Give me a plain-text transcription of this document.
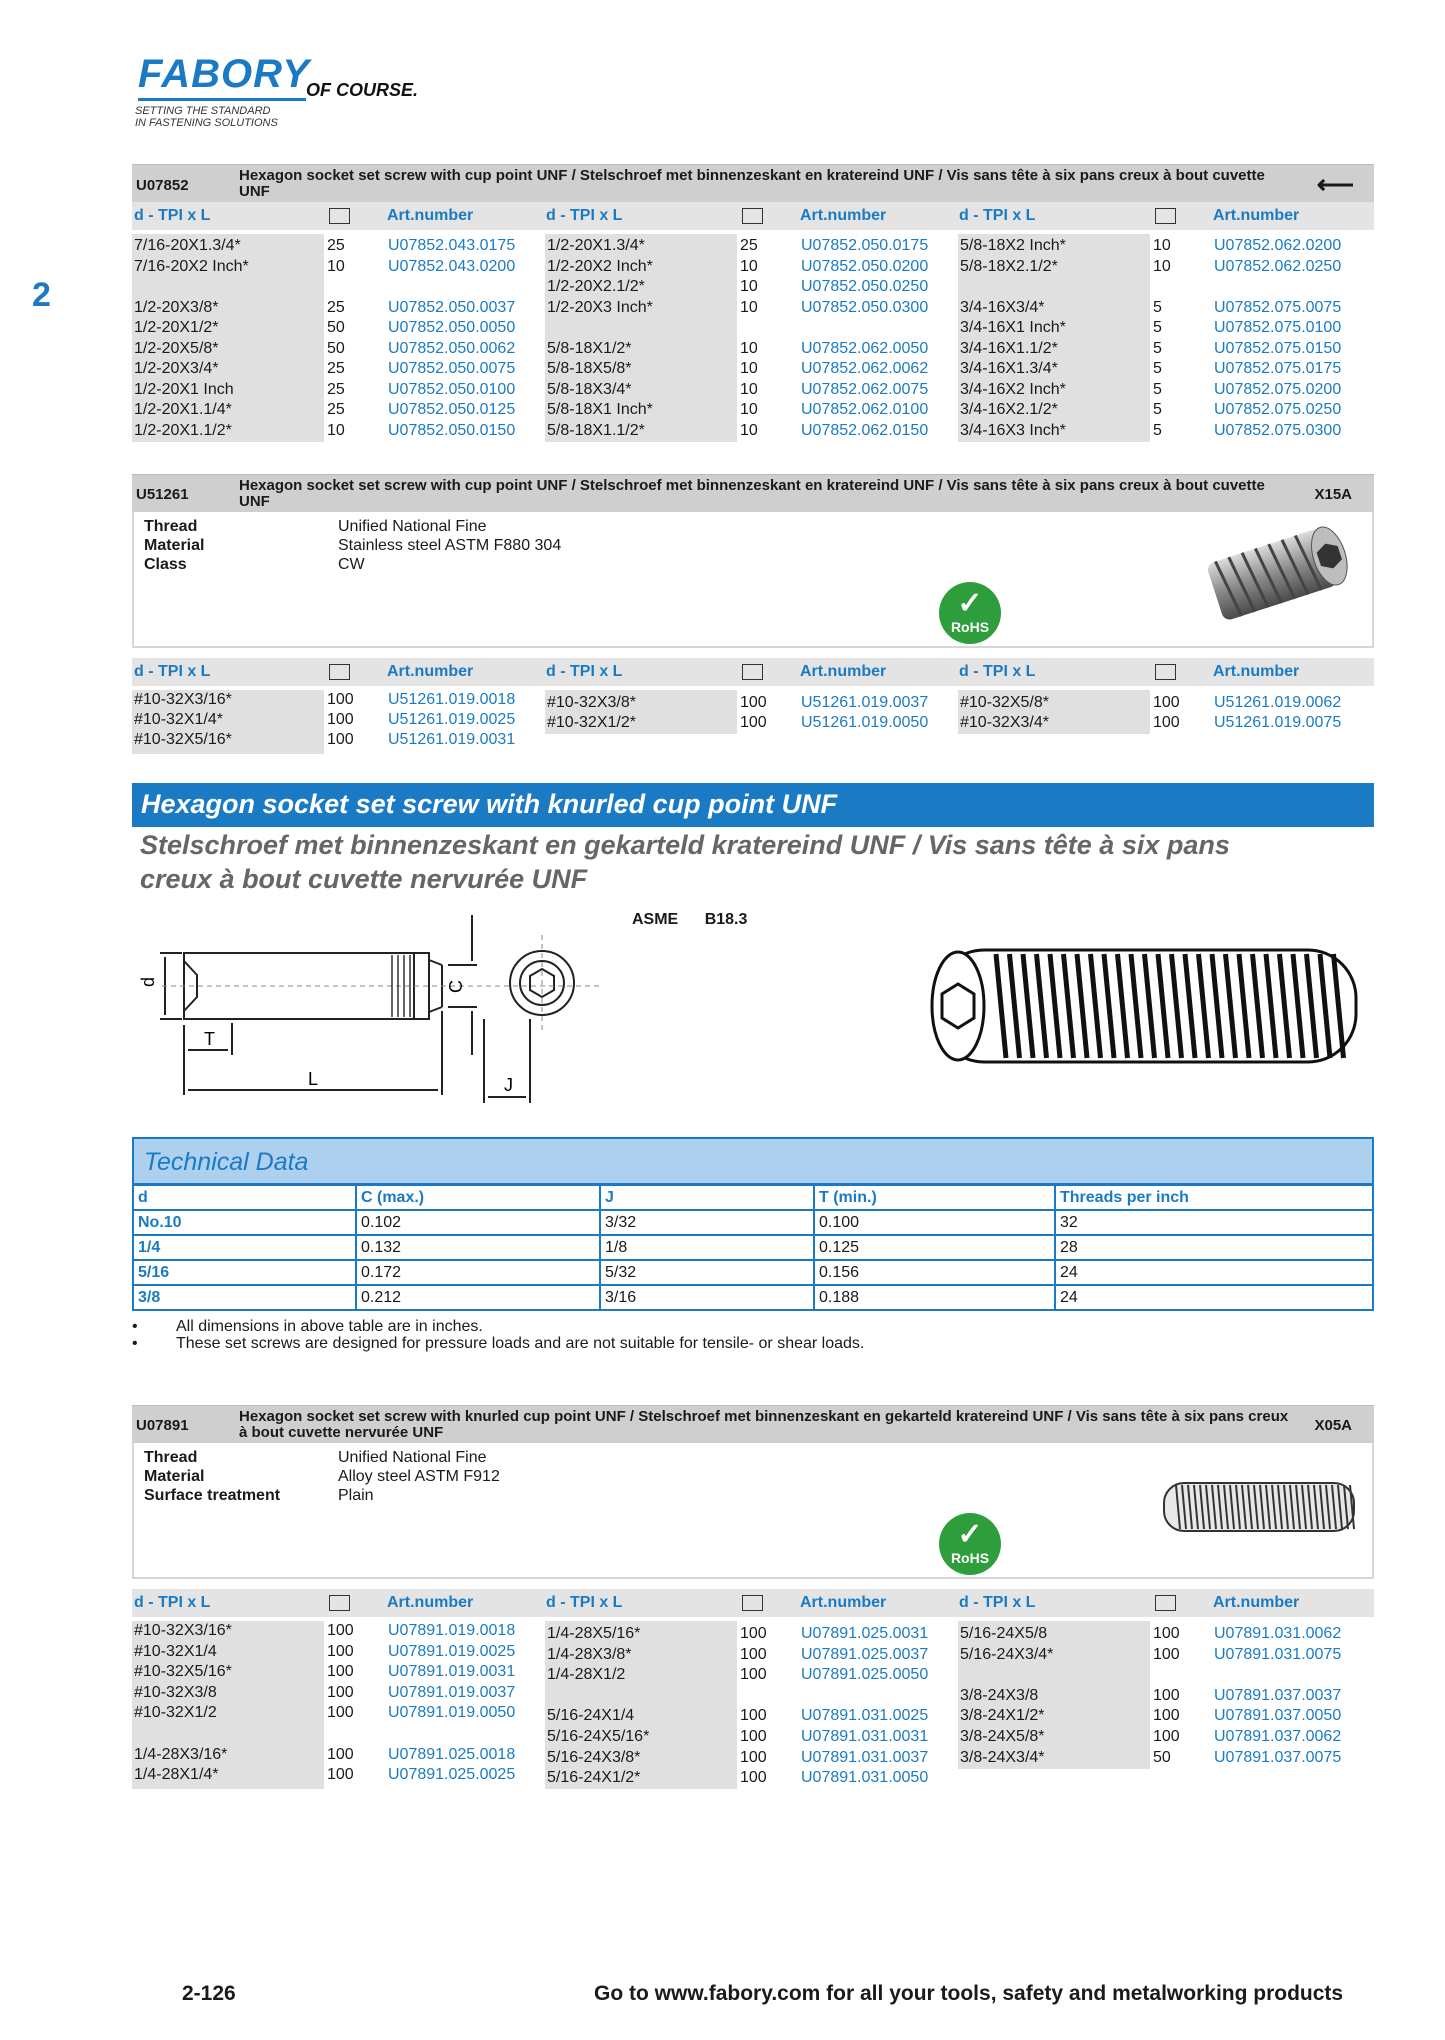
FABORY
OF COURSE.
SETTING THE STANDARD
IN FASTENING SOLUTIONS
2
U07852
Hexagon socket set screw with cup point UNF / Stelschroef met binnenzeskant en kratereind UNF / Vis sans tête à six pans creux à bout cuvette UNF	⟵
d - TPI x L	Art.number	d - TPI x L	Art.number	d - TPI x L	Art.number
7/16-20X1.3/4*	25	U07852.043.0175
7/16-20X2 Inch*	10	U07852.043.0200
1/2-20X3/8*	25	U07852.050.0037
1/2-20X1/2*	50	U07852.050.0050
1/2-20X5/8*	50	U07852.050.0062
1/2-20X3/4*	25	U07852.050.0075
1/2-20X1 Inch	25	U07852.050.0100
1/2-20X1.1/4*	25	U07852.050.0125
1/2-20X1.1/2*	10	U07852.050.0150
1/2-20X1.3/4*	25	U07852.050.0175
1/2-20X2 Inch*	10	U07852.050.0200
1/2-20X2.1/2*	10	U07852.050.0250
1/2-20X3 Inch*	10	U07852.050.0300
5/8-18X1/2*	10	U07852.062.0050
5/8-18X5/8*	10	U07852.062.0062
5/8-18X3/4*	10	U07852.062.0075
5/8-18X1 Inch*	10	U07852.062.0100
5/8-18X1.1/2*	10	U07852.062.0150
5/8-18X2 Inch*	10	U07852.062.0200
5/8-18X2.1/2*	10	U07852.062.0250
3/4-16X3/4*	5	U07852.075.0075
3/4-16X1 Inch*	5	U07852.075.0100
3/4-16X1.1/2*	5	U07852.075.0150
3/4-16X1.3/4*	5	U07852.075.0175
3/4-16X2 Inch*	5	U07852.075.0200
3/4-16X2.1/2*	5	U07852.075.0250
3/4-16X3 Inch*	5	U07852.075.0300
U51261
Hexagon socket set screw with cup point UNF / Stelschroef met binnenzeskant en kratereind UNF / Vis sans tête à six pans creux à bout cuvette UNF	X15A
Thread	Unified National Fine
Material	Stainless steel ASTM F880 304
Class	CW
✓
RoHS
d - TPI x L	Art.number	d - TPI x L	Art.number	d - TPI x L	Art.number
#10-32X3/16*	100 U51261.019.0018
#10-32X1/4*	100 U51261.019.0025
#10-32X5/16*	100 U51261.019.0031
#10-32X3/8*	100 U51261.019.0037
#10-32X1/2*	100 U51261.019.0050
#10-32X5/8*	100 U51261.019.0062
#10-32X3/4*	100 U51261.019.0075
Hexagon socket set screw with knurled cup point UNF
Stelschroef met binnenzeskant en gekarteld kratereind UNF / Vis sans tête à six pans
creux à bout cuvette nervurée UNF
ASME B18.3
d	C
T
L	J
Technical Data
d	C (max.)	J	T (min.)	Threads per inch
No.10	0.102	3/32	0.100	32
1/4	0.132	1/8	0.125	28
5/16	0.172	5/32	0.156	24
3/8	0.212	3/16	0.188	24
• All dimensions in above table are in inches.
• These set screws are designed for pressure loads and are not suitable for tensile- or shear loads.
U07891
Hexagon socket set screw with knurled cup point UNF / Stelschroef met binnenzeskant en gekarteld kratereind UNF / Vis sans tête à six pans creux à bout cuvette nervurée UNF	X05A
Thread	Unified National Fine
Material	Alloy steel ASTM F912
Surface treatment	Plain
✓
RoHS
d - TPI x L	Art.number	d - TPI x L	Art.number	d - TPI x L	Art.number
#10-32X3/16*	100 U07891.019.0018
#10-32X1/4	100 U07891.019.0025
#10-32X5/16*	100 U07891.019.0031
#10-32X3/8	100 U07891.019.0037
#10-32X1/2	100 U07891.019.0050
1/4-28X3/16*	100 U07891.025.0018
1/4-28X1/4*	100 U07891.025.0025
1/4-28X5/16*	100 U07891.025.0031
1/4-28X3/8*	100 U07891.025.0037
1/4-28X1/2	100 U07891.025.0050
5/16-24X1/4	100 U07891.031.0025
5/16-24X5/16*	100 U07891.031.0031
5/16-24X3/8*	100 U07891.031.0037
5/16-24X1/2*	100 U07891.031.0050
5/16-24X5/8	100 U07891.031.0062
5/16-24X3/4*	100 U07891.031.0075
3/8-24X3/8	100 U07891.037.0037
3/8-24X1/2*	100 U07891.037.0050
3/8-24X5/8*	100 U07891.037.0062
3/8-24X3/4*	50	U07891.037.0075
2-126	Go to www.fabory.com for all your tools, safety and metalworking products
